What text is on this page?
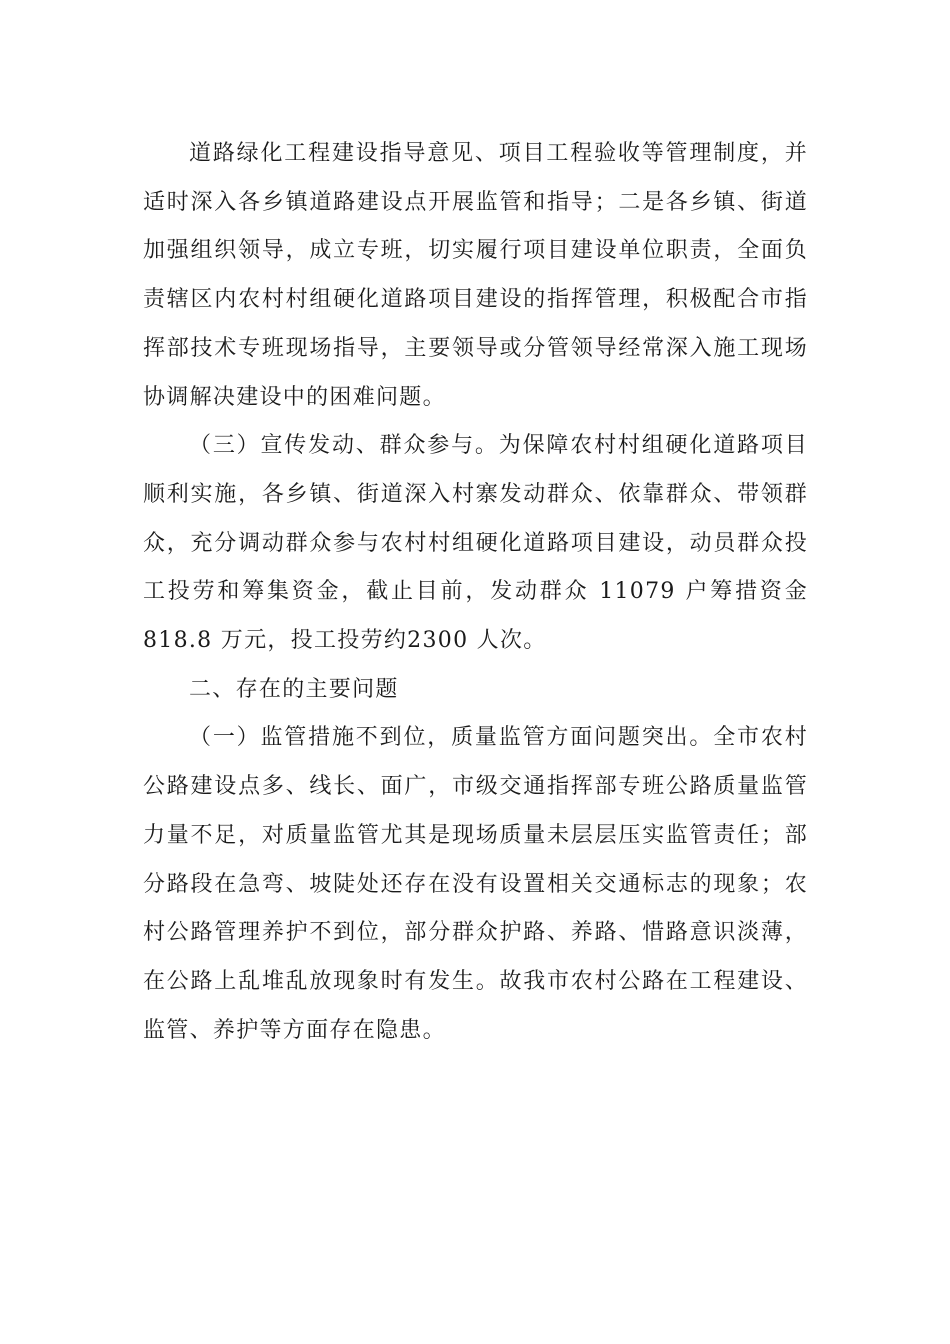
道路绿化工程建设指导意见、项目工程验收等管理制度，并适时深入各乡镇道路建设点开展监管和指导；二是各乡镇、街道加强组织领导，成立专班，切实履行项目建设单位职责，全面负责辖区内农村村组硬化道路项目建设的指挥管理，积极配合市指挥部技术专班现场指导，主要领导或分管领导经常深入施工现场协调解决建设中的困难问题。

（三）宣传发动、群众参与。为保障农村村组硬化道路项目顺利实施，各乡镇、街道深入村寨发动群众、依靠群众、带领群众，充分调动群众参与农村村组硬化道路项目建设，动员群众投工投劳和筹集资金，截止目前，发动群众 11079 户筹措资金 818.8 万元，投工投劳约2300 人次。

二、存在的主要问题

（一）监管措施不到位，质量监管方面问题突出。全市农村公路建设点多、线长、面广，市级交通指挥部专班公路质量监管力量不足，对质量监管尤其是现场质量未层层压实监管责任；部分路段在急弯、坡陡处还存在没有设置相关交通标志的现象；农村公路管理养护不到位，部分群众护路、养路、惜路意识淡薄，在公路上乱堆乱放现象时有发生。故我市农村公路在工程建设、监管、养护等方面存在隐患。
